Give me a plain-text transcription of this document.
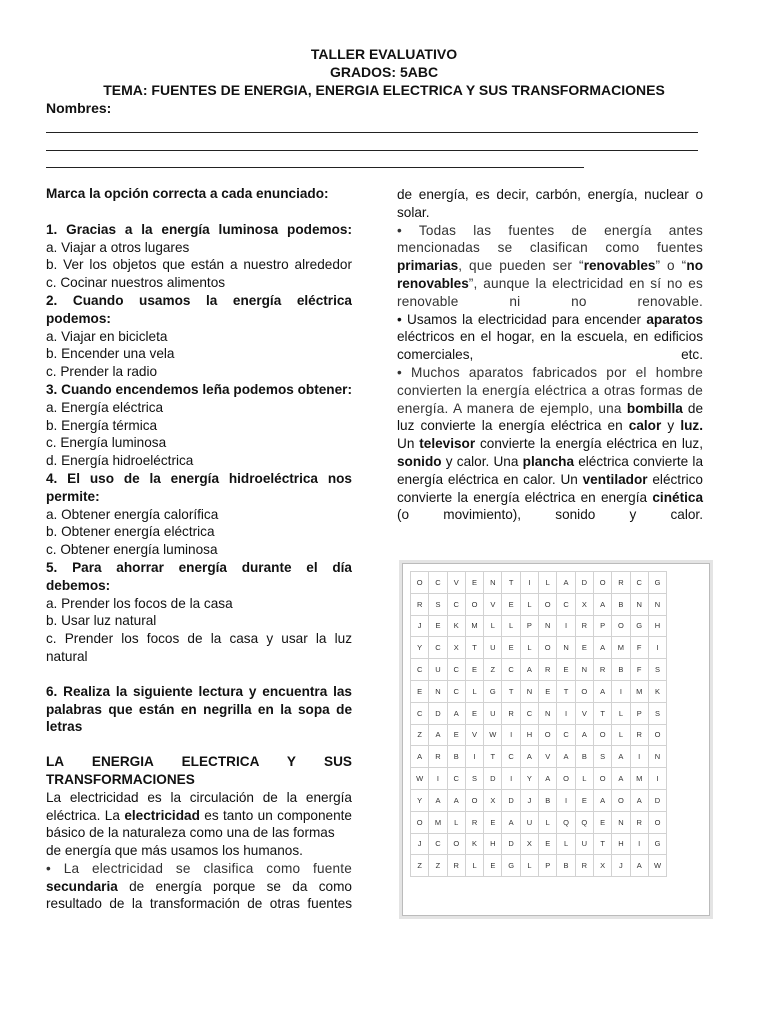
TALLER EVALUATIVO
GRADOS: 5ABC
TEMA: FUENTES DE ENERGIA, ENERGIA ELECTRICA Y SUS TRANSFORMACIONES
Nombres:

Marca la opción correcta a cada enunciado:

1. Gracias a la energía luminosa podemos:

a. Viajar a otros lugares

b. Ver los objetos que están a nuestro alrededor

c. Cocinar nuestros alimentos

2. Cuando usamos la energía eléctrica podemos:

a. Viajar en bicicleta

b. Encender una vela

c. Prender la radio

3. Cuando encendemos leña podemos obtener:

a. Energía eléctrica

b. Energía térmica

c. Energía luminosa

d. Energía hidroeléctrica

4. El uso de la energía hidroeléctrica nos permite:

a. Obtener energía calorífica

b. Obtener energía eléctrica

c. Obtener energía luminosa

5. Para ahorrar energía durante el día debemos:

a. Prender los focos de la casa

b. Usar luz natural

c. Prender los focos de la casa y usar la luz natural

6. Realiza la siguiente lectura y encuentra las palabras que están en negrilla en la sopa de letras

LA ENERGIA ELECTRICA Y SUS TRANSFORMACIONES

La electricidad es la circulación de la energía eléctrica. La electricidad es tanto un componente

básico de la naturaleza como una de las formas de energía que más usamos los humanos.

• La electricidad se clasifica como fuente secundaria de energía porque se da como resultado de la transformación de otras fuentes

de energía, es decir, carbón, energía, nuclear o solar.

• Todas las fuentes de energía antes mencionadas se clasifican como fuentes primarias, que pueden ser “renovables” o “no renovables”, aunque la electricidad en sí no es renovable ni no renovable.

• Usamos la electricidad para encender aparatos eléctricos en el hogar, en la escuela, en edificios comerciales, etc.

• Muchos aparatos fabricados por el hombre convierten la energía eléctrica a otras formas de energía. A manera de ejemplo, una bombilla de luz convierte la energía eléctrica en calor y luz. Un televisor convierte la energía eléctrica en luz, sonido y calor. Una plancha eléctrica convierte la energía eléctrica en calor. Un ventilador eléctrico convierte la energía eléctrica en energía cinética (o movimiento), sonido y calor.

O	C	V	E	N	T	I	L	A	D	O	R	C	G
R	S	C	O	V	E	L	O	C	X	A	B	N	N
J	E	K	M	L	L	P	N	I	R	P	O	G	H
Y	C	X	T	U	E	L	O	N	E	A	M	F	I
C	U	C	E	Z	C	A	R	E	N	R	B	F	S
E	N	C	L	G	T	N	E	T	O	A	I	M	K
C	D	A	E	U	R	C	N	I	V	T	L	P	S
Z	A	E	V	W	I	H	O	C	A	O	L	R	O
A	R	B	I	T	C	A	V	A	B	S	A	I	N
W	I	C	S	D	I	Y	A	O	L	O	A	M	I
Y	A	A	O	X	D	J	B	I	E	A	O	A	D
O	M	L	R	E	A	U	L	Q	Q	E	N	R	O
J	C	O	K	H	D	X	E	L	U	T	H	I	G
Z	Z	R	L	E	G	L	P	B	R	X	J	A	W
